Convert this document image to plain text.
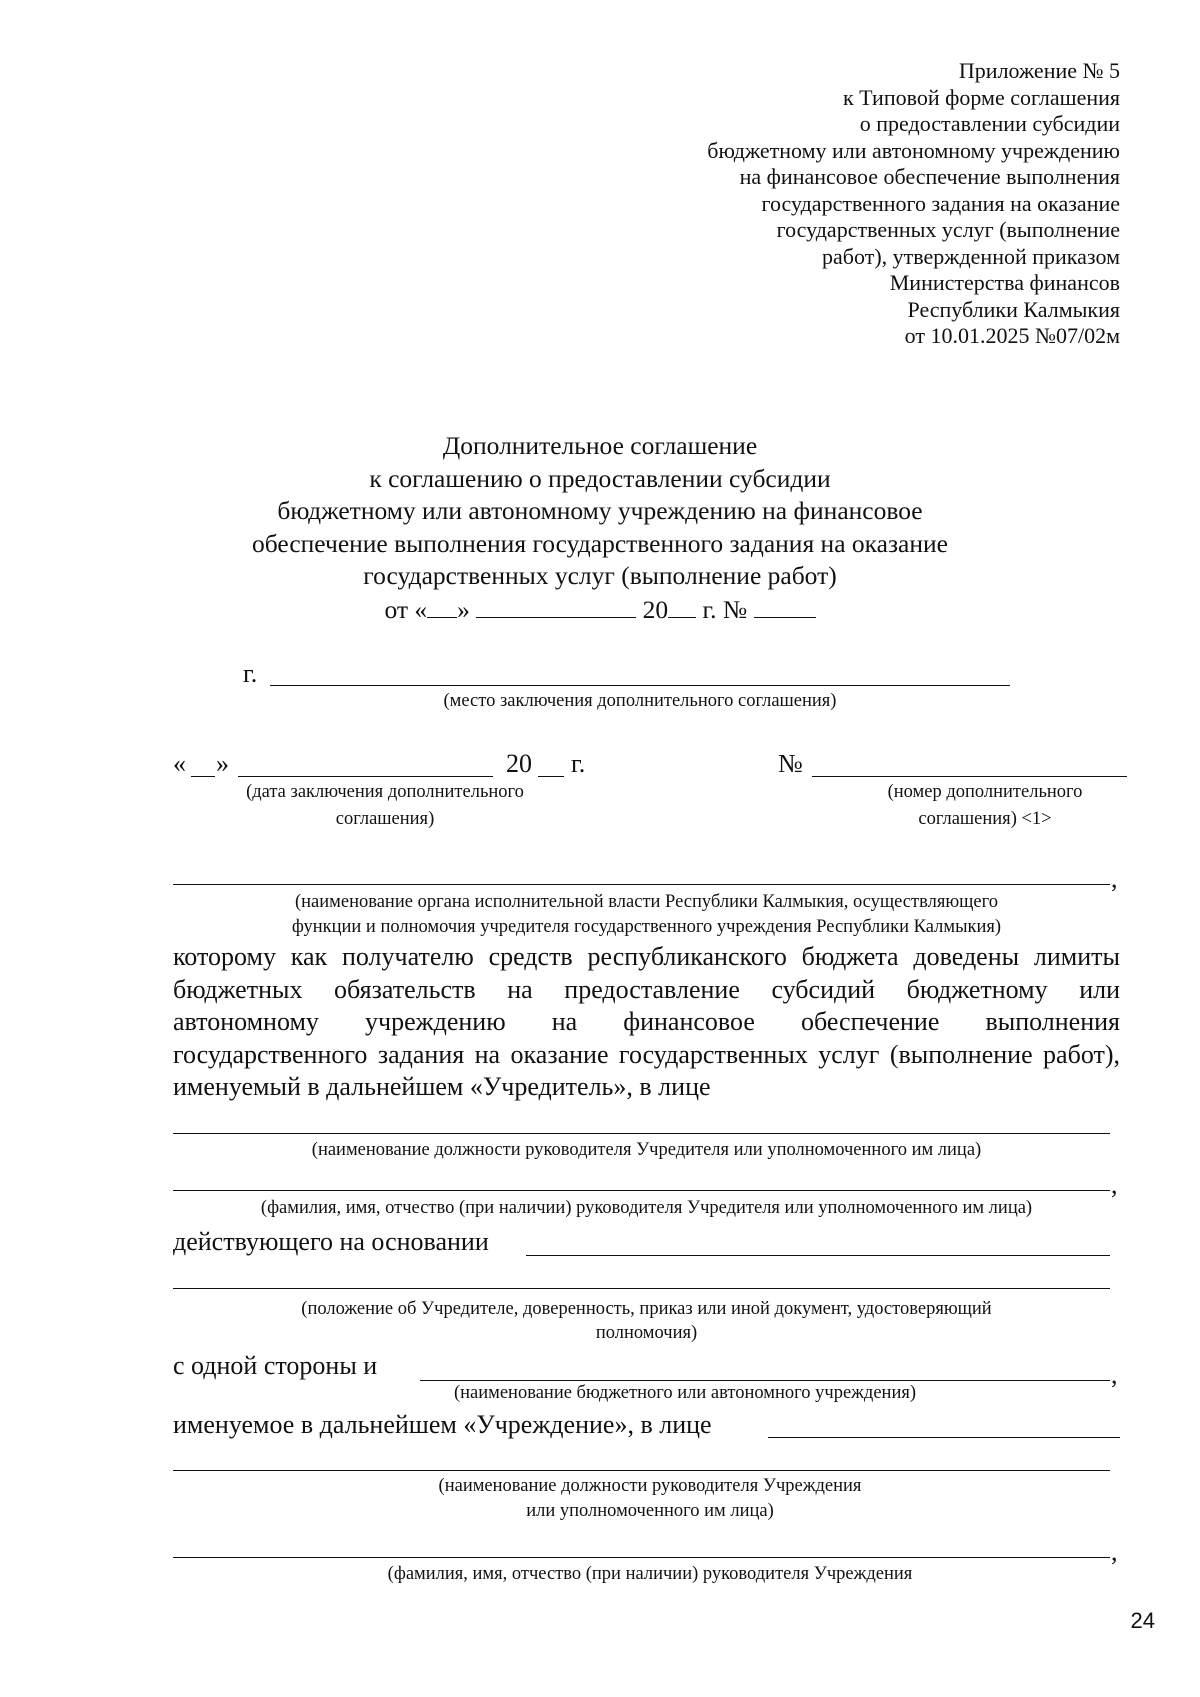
Приложение № 5
к Типовой форме соглашения
о предоставлении субсидии
бюджетному или автономному учреждению
на финансовое обеспечение выполнения
государственного задания на оказание
государственных услуг (выполнение
работ), утвержденной приказом
Министерства финансов
Республики Калмыкия
от 10.01.2025 №07/02м
Дополнительное соглашение
к соглашению о предоставлении субсидии
бюджетному или автономному учреждению на финансовое
обеспечение выполнения государственного задания на оказание
государственных услуг (выполнение работ)
от « »	20 г. №
г.
(место заключения дополнительного соглашения)
« »	20 г.	№
(дата заключения дополнительного
соглашения)
(номер дополнительного
соглашения) <1>
,
(наименование органа исполнительной власти Республики Калмыкия, осуществляющего
функции и полномочия учредителя государственного учреждения Республики Калмыкия)
которому как получателю средств республиканского бюджета доведены лимиты бюджетных обязательств на предоставление субсидий бюджетному или автономному учреждению на финансовое обеспечение выполнения государственного задания на оказание государственных услуг (выполнение работ), именуемый в дальнейшем «Учредитель», в лице
(наименование должности руководителя Учредителя или уполномоченного им лица)
,
(фамилия, имя, отчество (при наличии) руководителя Учредителя или уполномоченного им лица)
действующего на основании
(положение об Учредителе, доверенность, приказ или иной документ, удостоверяющий
полномочия)
с одной стороны и	,
(наименование бюджетного или автономного учреждения)
именуемое в дальнейшем «Учреждение», в лице
(наименование должности руководителя Учреждения
или уполномоченного им лица)
,
(фамилия, имя, отчество (при наличии) руководителя Учреждения
24
